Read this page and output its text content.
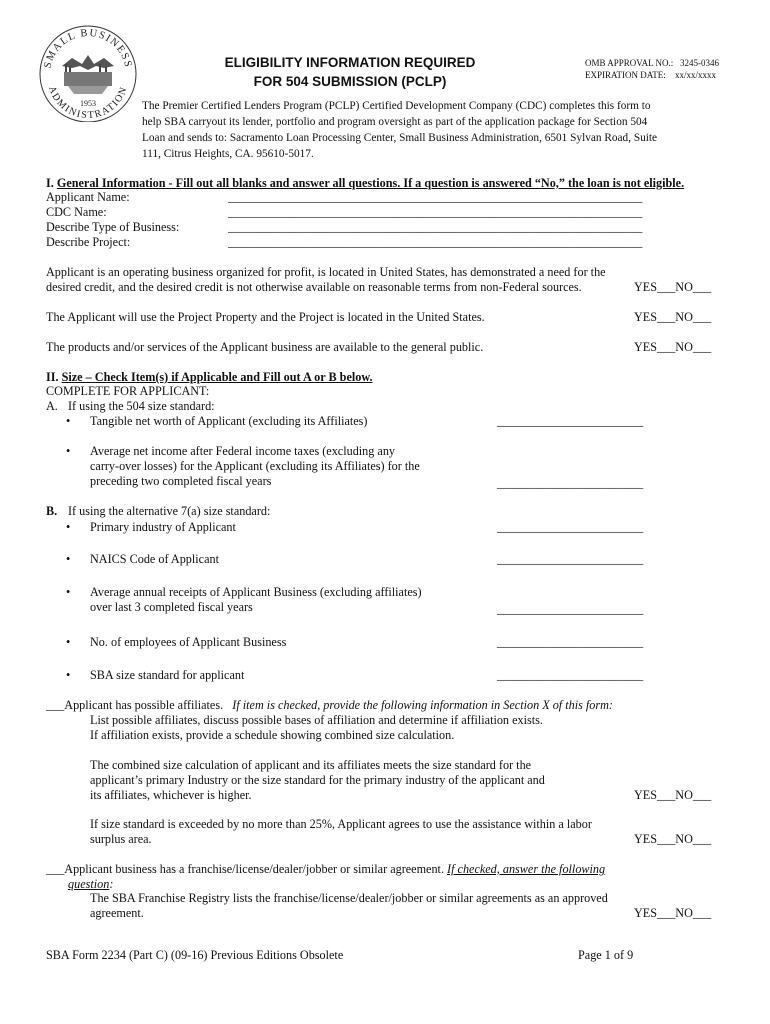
SMALL BUSINESS
ADMINISTRATION
1953
ELIGIBILITY INFORMATION REQUIRED
FOR 504 SUBMISSION (PCLP)
OMB APPROVAL NO.: 3245-0346
EXPIRATION DATE: xx/xx/xxxx
The Premier Certified Lenders Program (PCLP) Certified Development Company (CDC) completes this form to
help SBA carryout its lender, portfolio and program oversight as part of the application package for Section 504
Loan and sends to: Sacramento Loan Processing Center, Small Business Administration, 6501 Sylvan Road, Suite
111, Citrus Heights, CA. 95610-5017.
I. General Information - Fill out all blanks and answer all questions. If a question is answered “No,” the loan is not eligible.
Applicant Name:	____________________________________________________________________
CDC Name:	____________________________________________________________________
Describe Type of Business:	____________________________________________________________________
Describe Project:	____________________________________________________________________
Applicant is an operating business organized for profit, is located in United States, has demonstrated a need for the
desired credit, and the desired credit is not otherwise available on reasonable terms from non-Federal sources.	YES___NO___
The Applicant will use the Project Property and the Project is located in the United States.	YES___NO___
The products and/or services of the Applicant business are available to the general public.	YES___NO___
II. Size – Check Item(s) if Applicable and Fill out A or B below.
COMPLETE FOR APPLICANT:
A. If using the 504 size standard:
• Tangible net worth of Applicant (excluding its Affiliates)	________________________
• Average net income after Federal income taxes (excluding any
carry-over losses) for the Applicant (excluding its Affiliates) for the
preceding two completed fiscal years	________________________
B. If using the alternative 7(a) size standard:
• Primary industry of Applicant	________________________
• NAICS Code of Applicant	________________________
• Average annual receipts of Applicant Business (excluding affiliates)
over last 3 completed fiscal years	________________________
• No. of employees of Applicant Business	________________________
• SBA size standard for applicant	________________________
___Applicant has possible affiliates. If item is checked, provide the following information in Section X of this form:
List possible affiliates, discuss possible bases of affiliation and determine if affiliation exists.
If affiliation exists, provide a schedule showing combined size calculation.
The combined size calculation of applicant and its affiliates meets the size standard for the
applicant’s primary Industry or the size standard for the primary industry of the applicant and
its affiliates, whichever is higher.	YES___NO___
If size standard is exceeded by no more than 25%, Applicant agrees to use the assistance within a labor
surplus area.	YES___NO___
___Applicant business has a franchise/license/dealer/jobber or similar agreement. If checked, answer the following
question:
The SBA Franchise Registry lists the franchise/license/dealer/jobber or similar agreements as an approved
agreement.	YES___NO___
SBA Form 2234 (Part C) (09-16) Previous Editions Obsolete	Page 1 of 9
